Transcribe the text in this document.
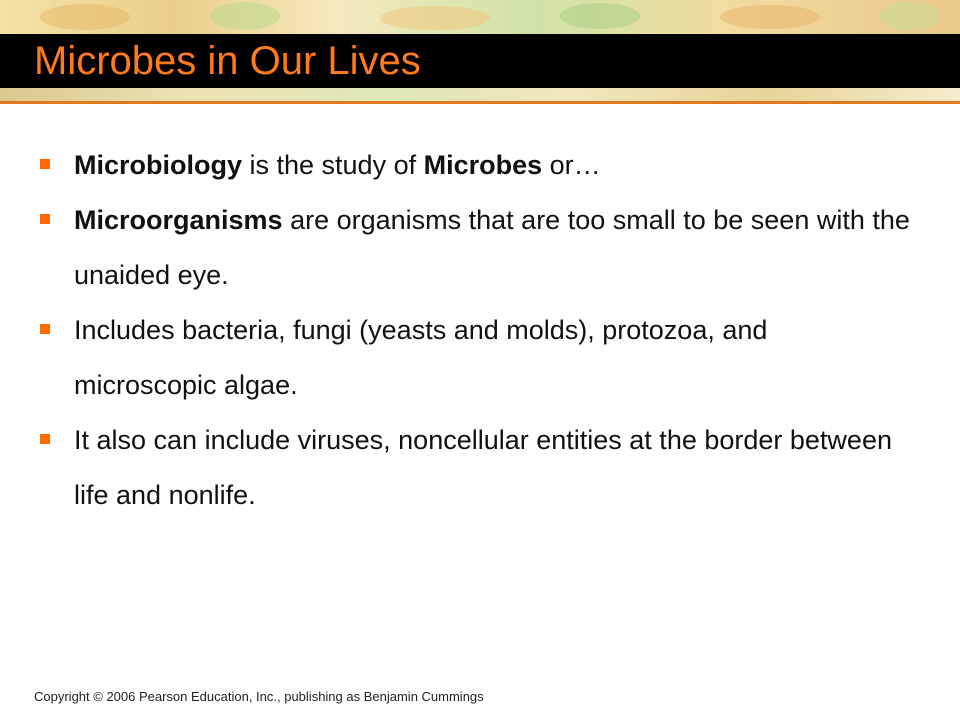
Microbes in Our Lives
Microbiology is the study of Microbes or…
Microorganisms are organisms that are too small to be seen with the unaided eye.
Includes bacteria, fungi (yeasts and molds), protozoa, and microscopic algae.
It also can include viruses, noncellular entities at the border between life and nonlife.
Copyright © 2006 Pearson Education, Inc., publishing as Benjamin Cummings
